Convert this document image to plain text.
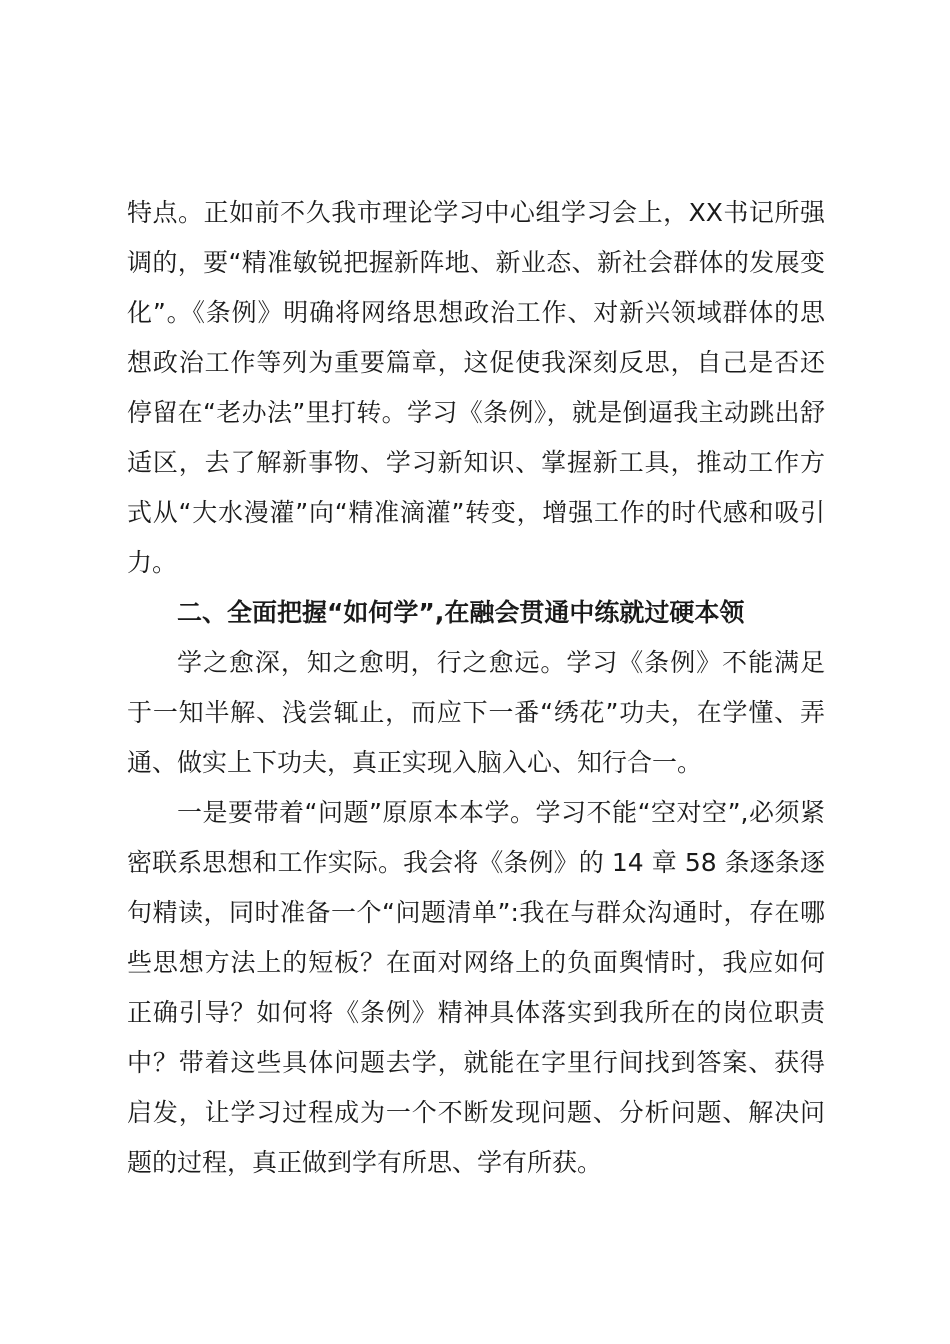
特点。正如前不久我市理论学习中心组学习会上，XX书记所强调的，要“精准敏锐把握新阵地、新业态、新社会群体的发展变化”。《条例》明确将网络思想政治工作、对新兴领域群体的思想政治工作等列为重要篇章，这促使我深刻反思，自己是否还停留在“老办法”里打转。学习《条例》，就是倒逼我主动跳出舒适区，去了解新事物、学习新知识、掌握新工具，推动工作方式从“大水漫灌”向“精准滴灌”转变，增强工作的时代感和吸引力。

二、全面把握“如何学”,在融会贯通中练就过硬本领

学之愈深，知之愈明，行之愈远。学习《条例》不能满足于一知半解、浅尝辄止，而应下一番“绣花”功夫，在学懂、弄通、做实上下功夫，真正实现入脑入心、知行合一。

一是要带着“问题”原原本本学。学习不能“空对空”,必须紧密联系思想和工作实际。我会将《条例》的 14 章 58 条逐条逐句精读，同时准备一个“问题清单”:我在与群众沟通时，存在哪些思想方法上的短板？在面对网络上的负面舆情时，我应如何正确引导？如何将《条例》精神具体落实到我所在的岗位职责中？带着这些具体问题去学，就能在字里行间找到答案、获得启发，让学习过程成为一个不断发现问题、分析问题、解决问题的过程，真正做到学有所思、学有所获。
